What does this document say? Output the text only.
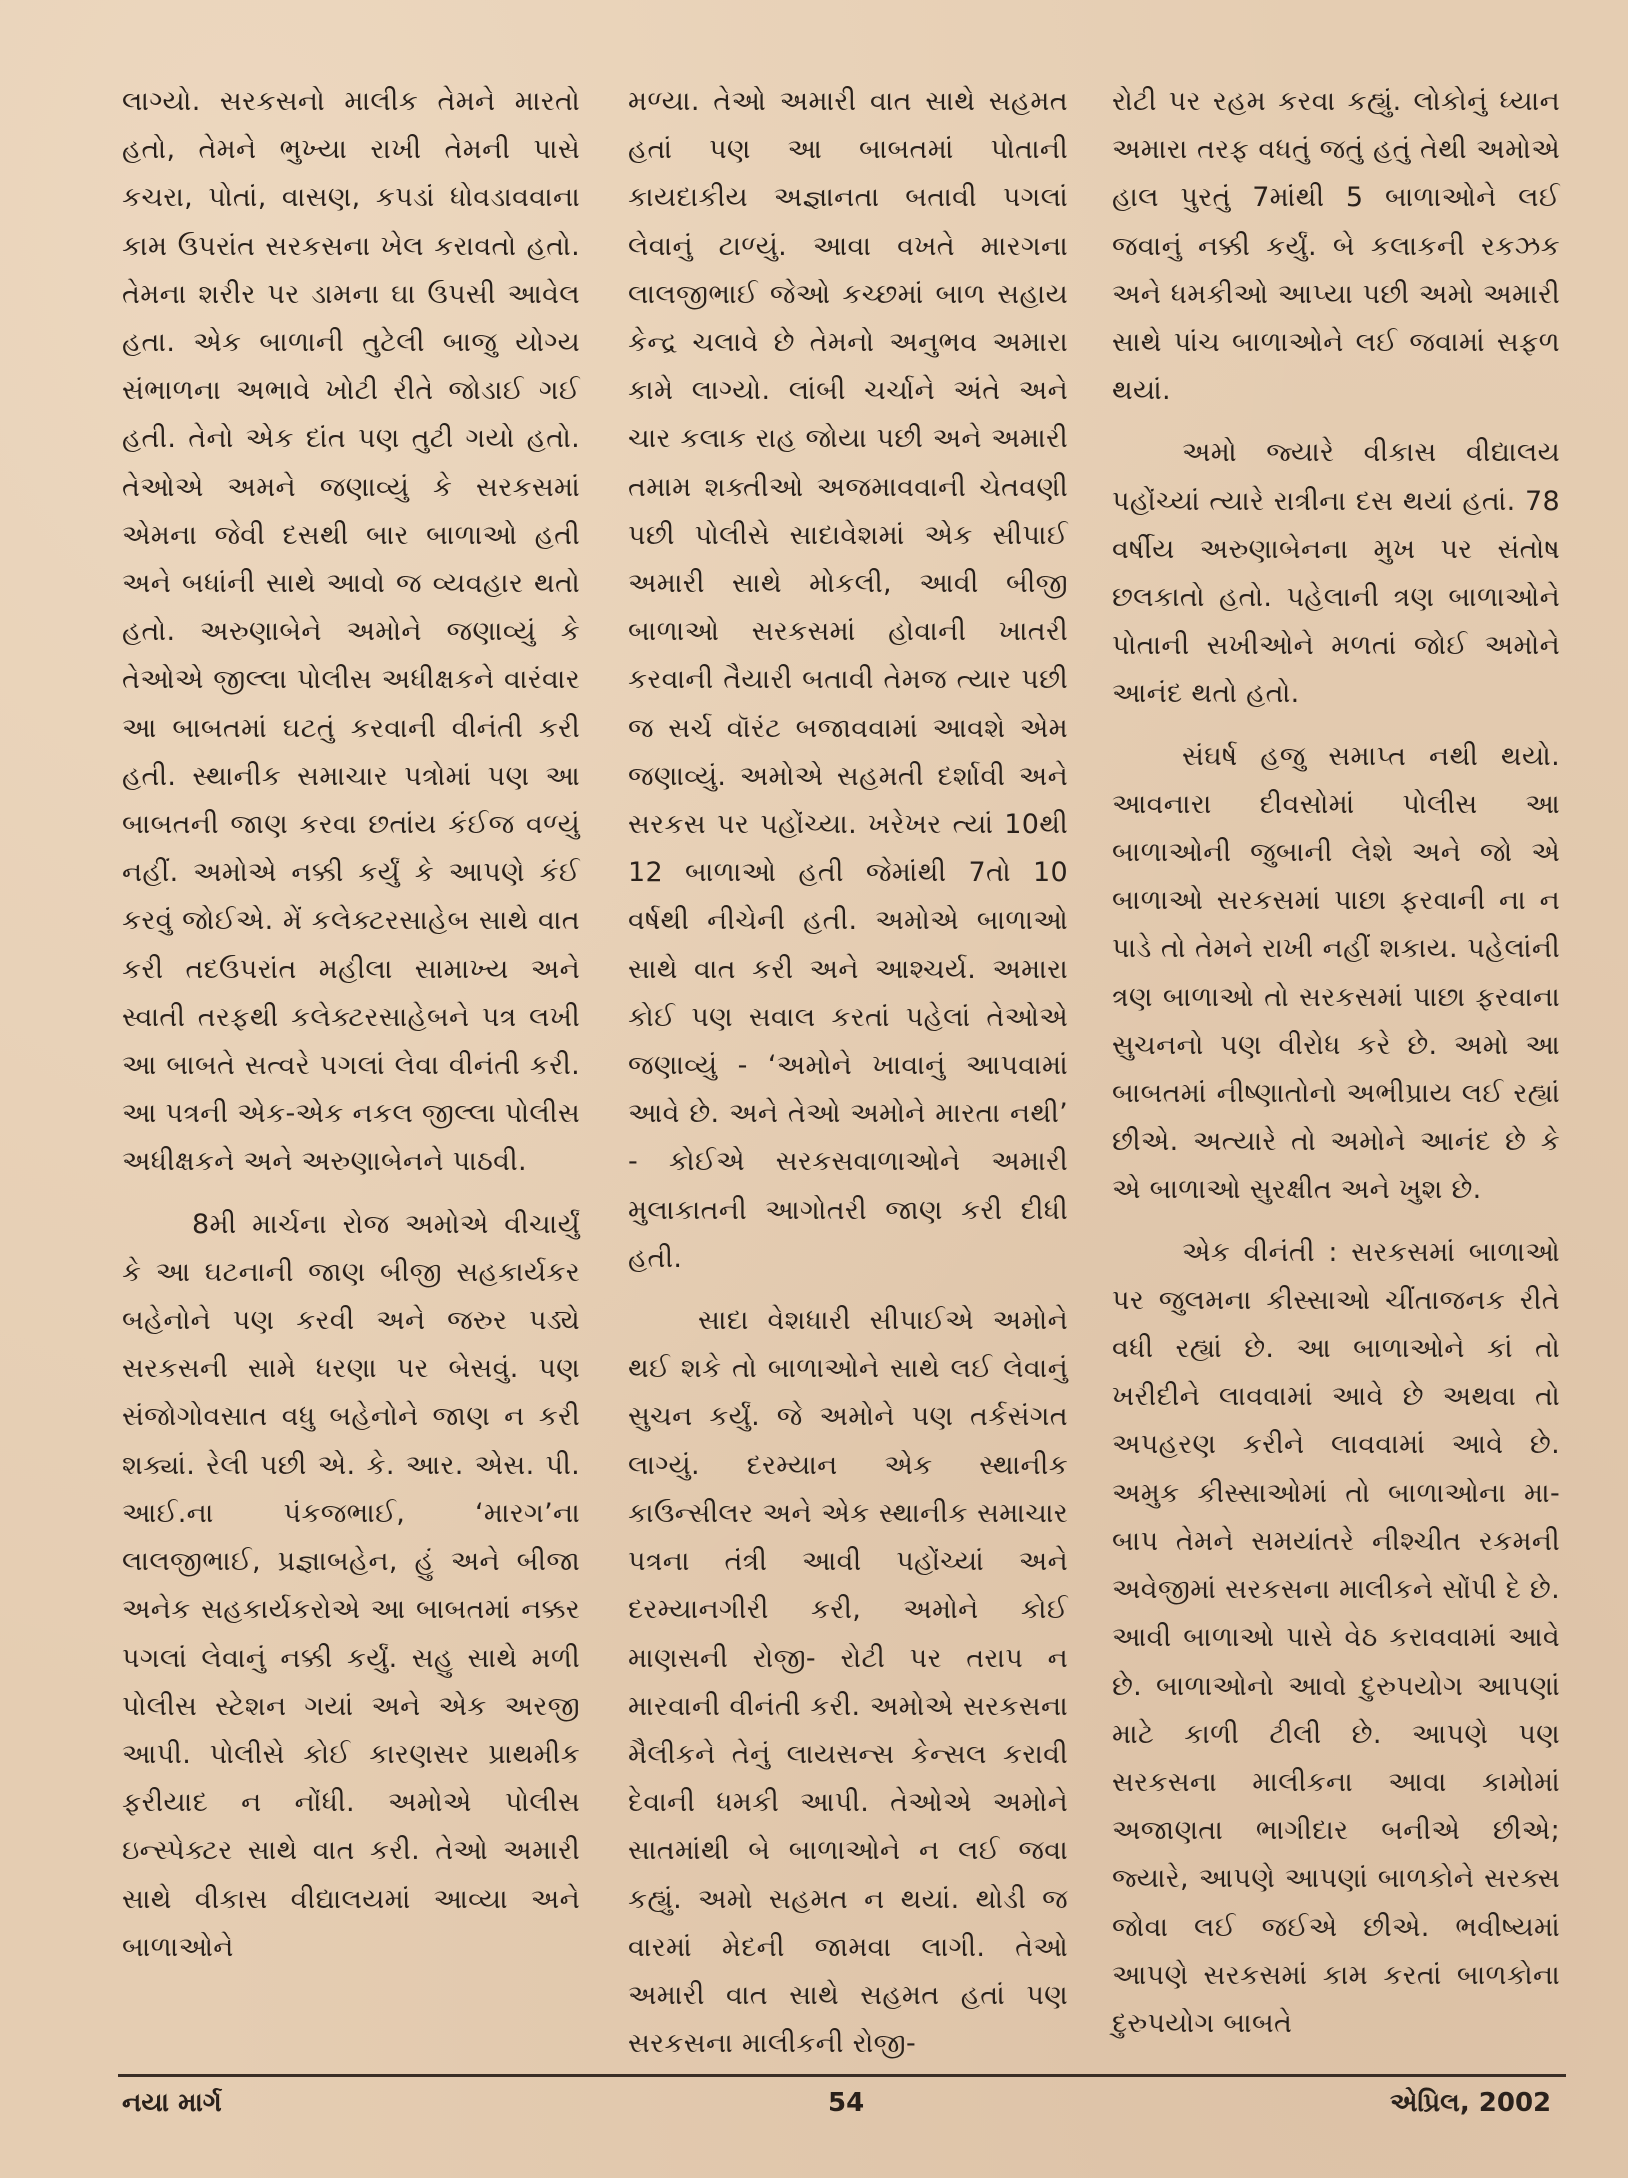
લાગ્યો. સરકસનો માલીક તેમને મારતો હતો, તેમને ભુખ્યા રાખી તેમની પાસે કચરા, પોતાં, વાસણ, કપડાં ધોવડાવવાના કામ ઉપરાંત સરકસના ખેલ કરાવતો હતો. તેમના શરીર પર ડામના ઘા ઉપસી આવેલ હતા. એક બાળાની તુટેલી બાજુ યોગ્ય સંભાળના અભાવે ખોટી રીતે જોડાઈ ગઈ હતી. તેનો એક દાંત પણ તુટી ગયો હતો. તેઓએ અમને જણાવ્યું કે સરકસમાં એમના જેવી દસથી બાર બાળાઓ હતી અને બધાંની સાથે આવો જ વ્યવહાર થતો હતો. અરુણાબેને અમોને જણાવ્યું કે તેઓએ જીલ્લા પોલીસ અધીક્ષકને વારંવાર આ બાબતમાં ઘટતું કરવાની વીનંતી કરી હતી. સ્થાનીક સમાચાર પત્રોમાં પણ આ બાબતની જાણ કરવા છતાંય કંઈજ વળ્યું નહીં. અમોએ નક્કી કર્યું કે આપણે કંઈ કરવું જોઈએ. મેં કલેક્ટરસાહેબ સાથે વાત કરી તદઉપરાંત મહીલા સામાખ્ય અને સ્વાતી તરફથી કલેક્ટરસાહેબને પત્ર લખી આ બાબતે સત્વરે પગલાં લેવા વીનંતી કરી. આ પત્રની એક-એક નકલ જીલ્લા પોલીસ અધીક્ષકને અને અરુણાબેનને પાઠવી.

8મી માર્ચના રોજ અમોએ વીચાર્યું કે આ ઘટનાની જાણ બીજી સહકાર્યકર બહેનોને પણ કરવી અને જરુર પડ્યે સરકસની સામે ધરણા પર બેસવું. પણ સંજોગોવસાત વધુ બહેનોને જાણ ન કરી શક્યાં. રેલી પછી એ. કે. આર. એસ. પી. આઈ.ના પંકજભાઈ, ‘મારગ’ના લાલજીભાઈ, પ્રજ્ઞાબહેન, હું અને બીજા અનેક સહકાર્યકરોએ આ બાબતમાં નક્કર પગલાં લેવાનું નક્કી કર્યું. સહુ સાથે મળી પોલીસ સ્ટેશન ગયાં અને એક અરજી આપી. પોલીસે કોઈ કારણસર પ્રાથમીક ફરીયાદ ન નોંધી. અમોએ પોલીસ ઇન્સ્પેક્ટર સાથે વાત કરી. તેઓ અમારી સાથે વીકાસ વીદ્યાલયમાં આવ્યા અને બાળાઓને

મળ્યા. તેઓ અમારી વાત સાથે સહમત હતાં પણ આ બાબતમાં પોતાની કાયદાકીય અજ્ઞાનતા બતાવી પગલાં લેવાનું ટાળ્યું. આવા વખતે મારગના લાલજીભાઈ જેઓ કચ્છમાં બાળ સહાય કેન્દ્ર ચલાવે છે તેમનો અનુભવ અમારા કામે લાગ્યો. લાંબી ચર્ચાને અંતે અને ચાર કલાક રાહ જોયા પછી અને અમારી તમામ શક્તીઓ અજમાવવાની ચેતવણી પછી પોલીસે સાદાવેશમાં એક સીપાઈ અમારી સાથે મોકલી, આવી બીજી બાળાઓ સરકસમાં હોવાની ખાતરી કરવાની તૈયારી બતાવી તેમજ ત્યાર પછી જ સર્ચ વૉરંટ બજાવવામાં આવશે એમ જણાવ્યું. અમોએ સહમતી દર્શાવી અને સરકસ પર પહોંચ્યા. ખરેખર ત્યાં 10થી 12 બાળાઓ હતી જેમાંથી 7તો 10 વર્ષથી નીચેની હતી. અમોએ બાળાઓ સાથે વાત કરી અને આશ્ચર્ય. અમારા કોઈ પણ સવાલ કરતાં પહેલાં તેઓએ જણાવ્યું - ‘અમોને ખાવાનું આપવામાં આવે છે. અને તેઓ અમોને મારતા નથી’ - કોઈએ સરકસવાળાઓને અમારી મુલાકાતની આગોતરી જાણ કરી દીધી હતી.

સાદા વેશધારી સીપાઈએ અમોને થઈ શકે તો બાળાઓને સાથે લઈ લેવાનું સુચન કર્યું. જે અમોને પણ તર્કસંગત લાગ્યું. દરમ્યાન એક સ્થાનીક કાઉન્સીલર અને એક સ્થાનીક સમાચાર પત્રના તંત્રી આવી પહોંચ્યાં અને દરમ્યાનગીરી કરી, અમોને કોઈ માણસની રોજી- રોટી પર તરાપ ન મારવાની વીનંતી કરી. અમોએ સરકસના મૈલીકને તેનું લાયસન્સ કેન્સલ કરાવી દેવાની ધમકી આપી. તેઓએ અમોને સાતમાંથી બે બાળાઓને ન લઈ જવા કહ્યું. અમો સહમત ન થયાં. થોડી જ વારમાં મેદની જામવા લાગી. તેઓ અમારી વાત સાથે સહમત હતાં પણ સરકસના માલીકની રોજી-

રોટી પર રહમ કરવા કહ્યું. લોકોનું ધ્યાન અમારા તરફ વધતું જતું હતું તેથી અમોએ હાલ પુરતું 7માંથી 5 બાળાઓને લઈ જવાનું નક્કી કર્યું. બે કલાકની રકઝક અને ધમકીઓ આપ્યા પછી અમો અમારી સાથે પાંચ બાળાઓને લઈ જવામાં સફળ થયાં.

અમો જ્યારે વીકાસ વીદ્યાલય પહોંચ્યાં ત્યારે રાત્રીના દસ થયાં હતાં. 78 વર્ષીય અરુણાબેનના મુખ પર સંતોષ છલકાતો હતો. પહેલાની ત્રણ બાળાઓને પોતાની સખીઓને મળતાં જોઈ અમોને આનંદ થતો હતો.

સંઘર્ષ હજુ સમાપ્ત નથી થયો. આવનારા દીવસોમાં પોલીસ આ બાળાઓની જુબાની લેશે અને જો એ બાળાઓ સરકસમાં પાછા ફરવાની ના ન પાડે તો તેમને રાખી નહીં શકાય. પહેલાંની ત્રણ બાળાઓ તો સરકસમાં પાછા ફરવાના સુચનનો પણ વીરોધ કરે છે. અમો આ બાબતમાં નીષ્ણાતોનો અભીપ્રાય લઈ રહ્યાં છીએ. અત્યારે તો અમોને આનંદ છે કે એ બાળાઓ સુરક્ષીત અને ખુશ છે.

એક વીનંતી : સરકસમાં બાળાઓ પર જુલમના કીસ્સાઓ ચીંતાજનક રીતે વધી રહ્યાં છે. આ બાળાઓને કાં તો ખરીદીને લાવવામાં આવે છે અથવા તો અપહરણ કરીને લાવવામાં આવે છે. અમુક કીસ્સાઓમાં તો બાળાઓના મા-બાપ તેમને સમયાંતરે નીશ્ચીત રકમની અવેજીમાં સરકસના માલીકને સોંપી દે છે. આવી બાળાઓ પાસે વેઠ કરાવવામાં આવે છે. બાળાઓનો આવો દુરુપયોગ આપણાં માટે કાળી ટીલી છે. આપણે પણ સરકસના માલીકના આવા કામોમાં અજાણતા ભાગીદાર બનીએ છીએ; જ્યારે, આપણે આપણાં બાળકોને સરક્સ જોવા લઈ જઈએ છીએ. ભવીષ્યમાં આપણે સરકસમાં કામ કરતાં બાળકોના દુરુપયોગ બાબતે

નયા માર્ગ	54	એપ્રિલ, 2002
